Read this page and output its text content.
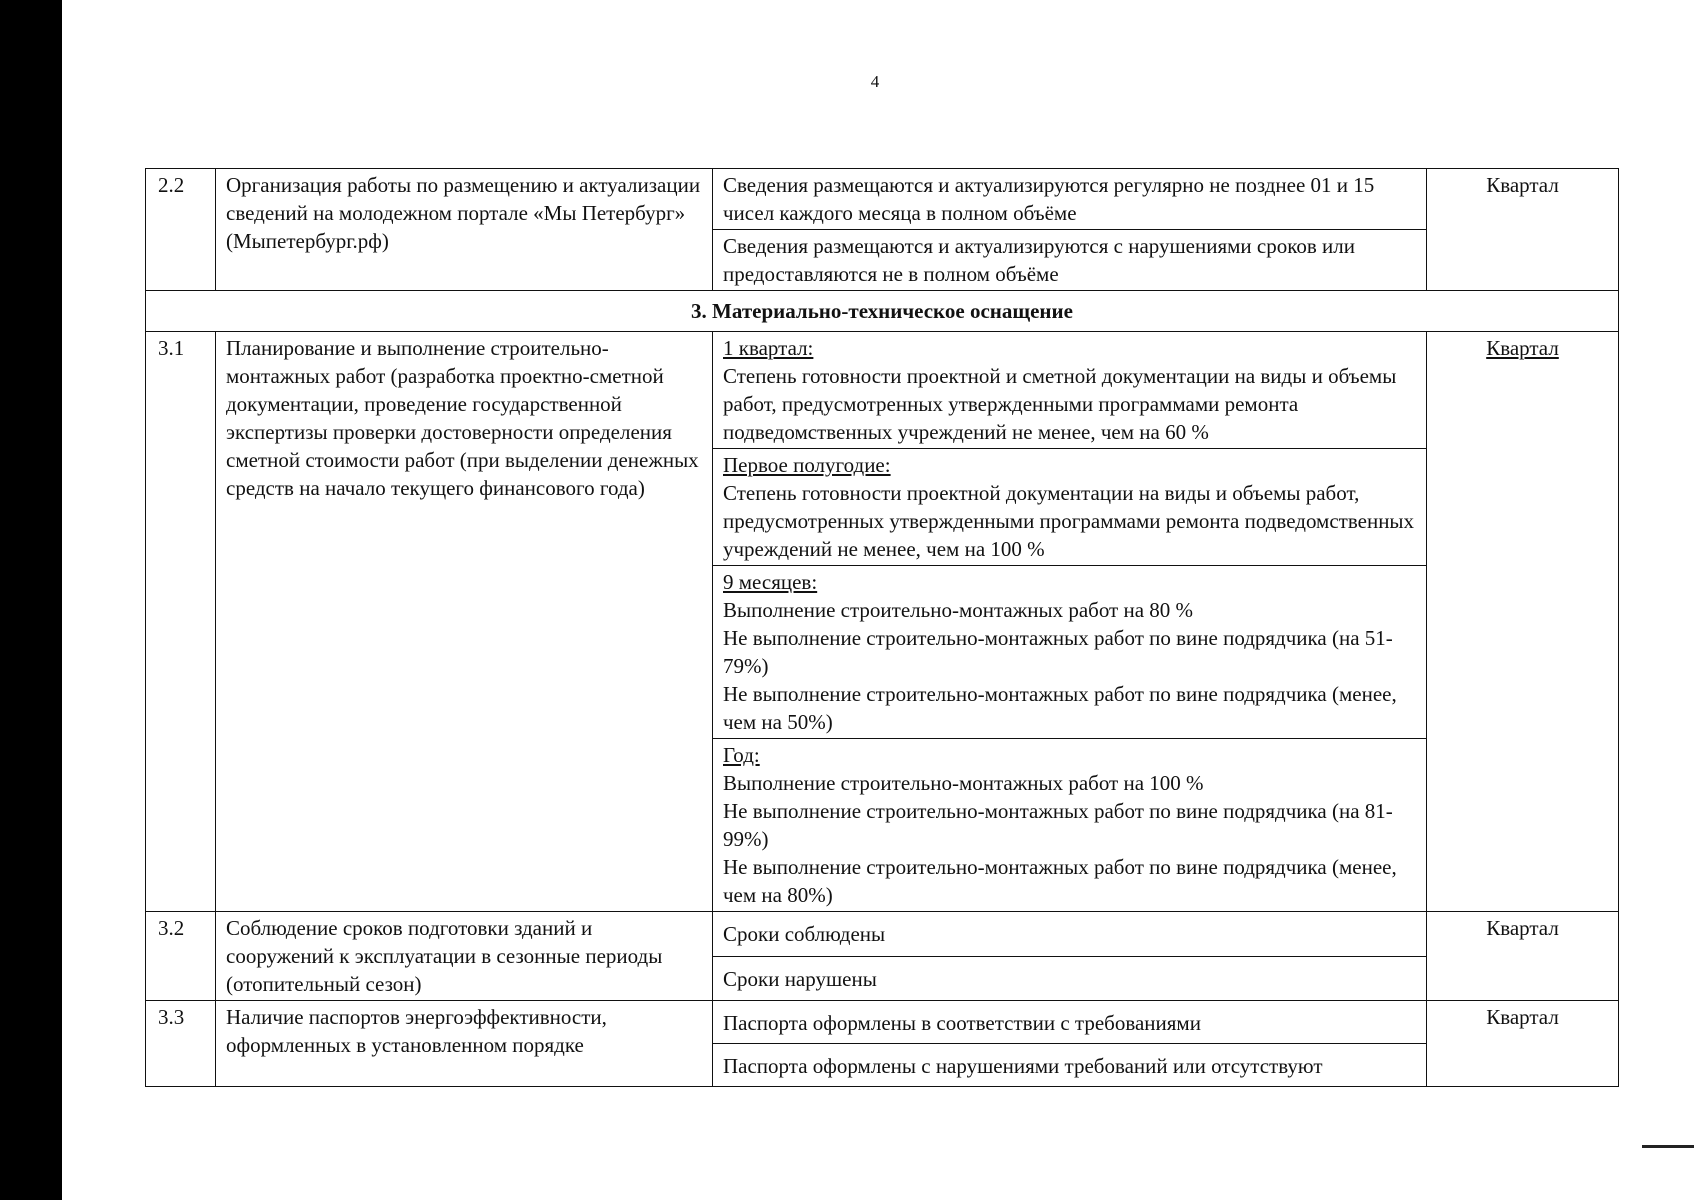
4
2.2	Организация работы по размещению и актуализации сведений на молодежном портале «Мы Петербург» (Мыпетербург.рф)	Сведения размещаются и актуализируются регулярно не позднее 01 и 15 чисел каждого месяца в полном объёме	Квартал

		Сведения размещаются и актуализируются с нарушениями сроков или предоставляются не в полном объёме	

3. Материально-техническое оснащение			
3.1	Планирование и выполнение строительно-монтажных работ (разработка проектно-сметной документации, проведение государственной экспертизы проверки достоверности определения сметной стоимости работ (при выделении денежных средств на начало текущего финансового года)	1 квартал:
Степень готовности проектной и сметной документации на виды и объемы работ, предусмотренных утвержденными программами ремонта подведомственных учреждений не менее, чем на 60 %	Квартал

		Первое полугодие:
Степень готовности проектной документации на виды и объемы работ, предусмотренных утвержденными программами ремонта подведомственных учреждений не менее, чем на 100 %	

		9 месяцев:
Выполнение строительно-монтажных работ на 80 %
Не выполнение строительно-монтажных работ по вине подрядчика (на 51-79%)
Не выполнение строительно-монтажных работ по вине подрядчика (менее, чем на 50%)	

		Год:
Выполнение строительно-монтажных работ на 100 %
Не выполнение строительно-монтажных работ по вине подрядчика (на 81-99%)
Не выполнение строительно-монтажных работ по вине подрядчика (менее, чем на 80%)	

3.2	Соблюдение сроков подготовки зданий и сооружений к эксплуатации в сезонные периоды (отопительный сезон)	Сроки соблюдены	Квартал
		Сроки нарушены	
3.3	Наличие паспортов энергоэффективности, оформленных в установленном порядке	Паспорта оформлены в соответствии с требованиями	Квартал
		Паспорта оформлены с нарушениями требований или отсутствуют	
